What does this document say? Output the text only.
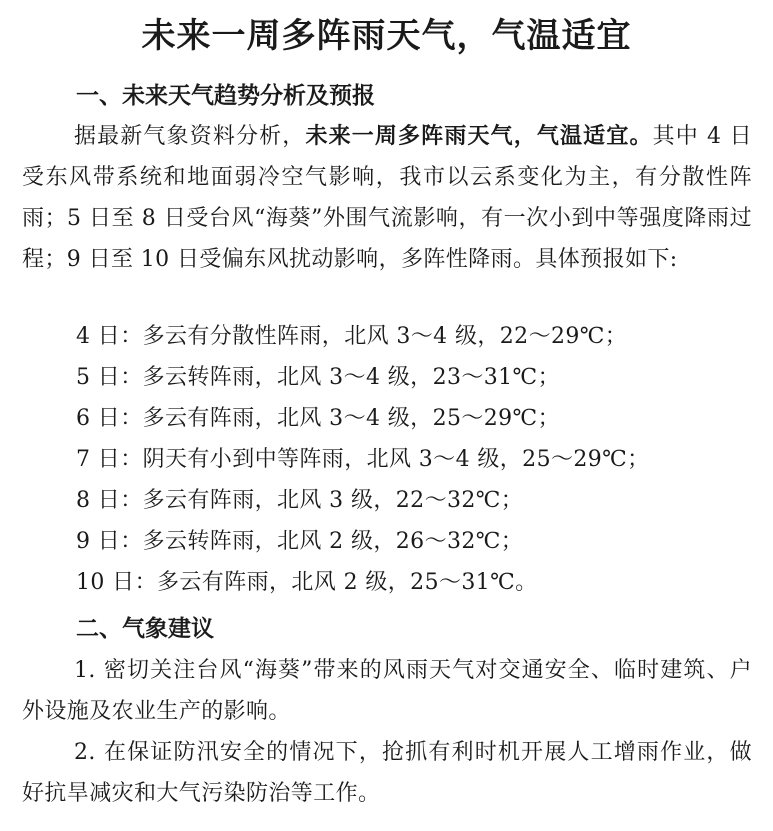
未来一周多阵雨天气，气温适宜
一、未来天气趋势分析及预报

据最新气象资料分析，未来一周多阵雨天气，气温适宜。其中 4 日受东风带系统和地面弱冷空气影响，我市以云系变化为主，有分散性阵雨；5 日至 8 日受台风“海葵”外围气流影响，有一次小到中等强度降雨过程；9 日至 10 日受偏东风扰动影响，多阵性降雨。具体预报如下:

4 日：多云有分散性阵雨，北风 3～4 级，22～29℃；
5 日：多云转阵雨，北风 3～4 级，23～31℃；
6 日：多云有阵雨，北风 3～4 级，25～29℃；
7 日：阴天有小到中等阵雨，北风 3～4 级，25～29℃；
8 日：多云有阵雨，北风 3 级，22～32℃；
9 日：多云转阵雨，北风 2 级，26～32℃；
10 日：多云有阵雨，北风 2 级，25～31℃。
二、气象建议

1. 密切关注台风“海葵”带来的风雨天气对交通安全、临时建筑、户外设施及农业生产的影响。

2. 在保证防汛安全的情况下，抢抓有利时机开展人工增雨作业，做好抗旱减灾和大气污染防治等工作。
